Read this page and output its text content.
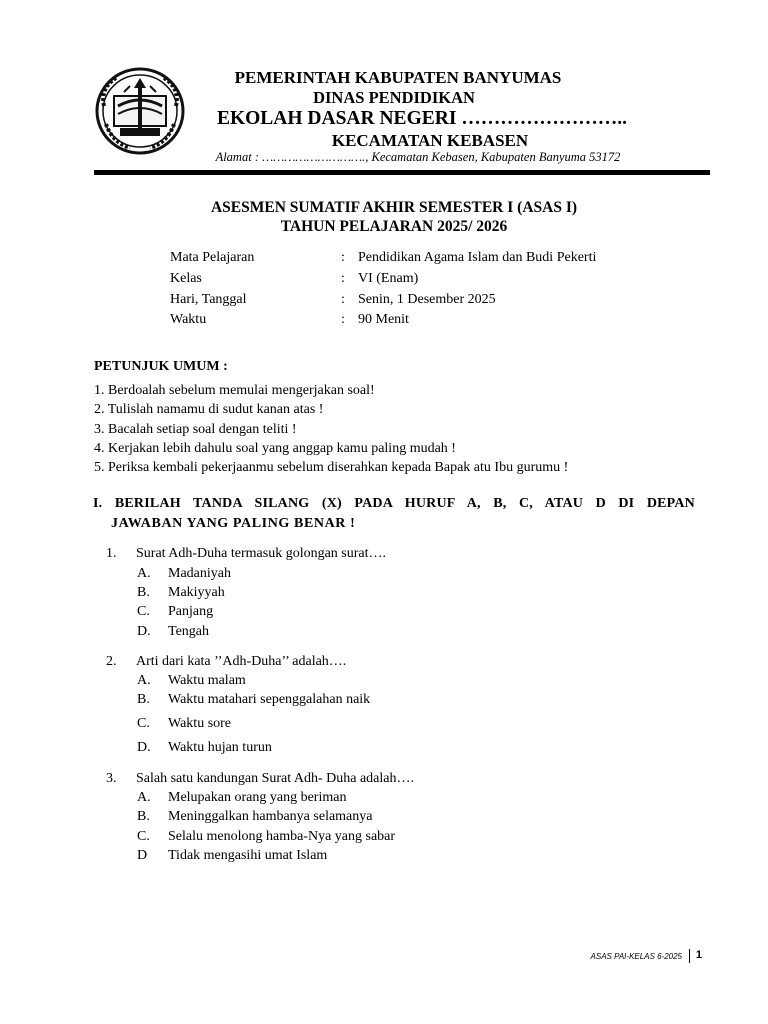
PEMERINTAH KABUPATEN BANYUMAS
DINAS PENDIDIKAN
EKOLAH DASAR NEGERI ……………………..
KECAMATAN KEBASEN
Alamat : ………………………., Kecamatan Kebasen, Kabupaten Banyuma 53172
ASESMEN SUMATIF AKHIR SEMESTER I (ASAS I)
TAHUN PELAJARAN 2025/ 2026
Mata Pelajaran	: Pendidikan Agama Islam dan Budi Pekerti
Kelas	: VI (Enam)
Hari, Tanggal	: Senin, 1 Desember 2025
Waktu	: 90 Menit
PETUNJUK UMUM :
1. Berdoalah sebelum memulai mengerjakan soal!
2. Tulislah namamu di sudut kanan atas !
3. Bacalah setiap soal dengan teliti !
4. Kerjakan lebih dahulu soal yang anggap kamu paling mudah !
5. Periksa kembali pekerjaanmu sebelum diserahkan kepada Bapak atu Ibu gurumu !
I. BERILAH TANDA SILANG (X) PADA HURUF A, B, C, ATAU D DI DEPAN
JAWABAN YANG PALING BENAR !
1. Surat Adh-Duha termasuk golongan surat….
A. Madaniyah
B. Makiyyah
C. Panjang
D. Tengah
2. Arti dari kata ’’Adh-Duha’’ adalah….
A. Waktu malam
B. Waktu matahari sepenggalahan naik
C. Waktu sore
D. Waktu hujan turun
3. Salah satu kandungan Surat Adh- Duha adalah….
A. Melupakan orang yang beriman
B. Meninggalkan hambanya selamanya
C. Selalu menolong hamba-Nya yang sabar
D Tidak mengasihi umat Islam
ASAS PAI-KELAS 6-2025 1
